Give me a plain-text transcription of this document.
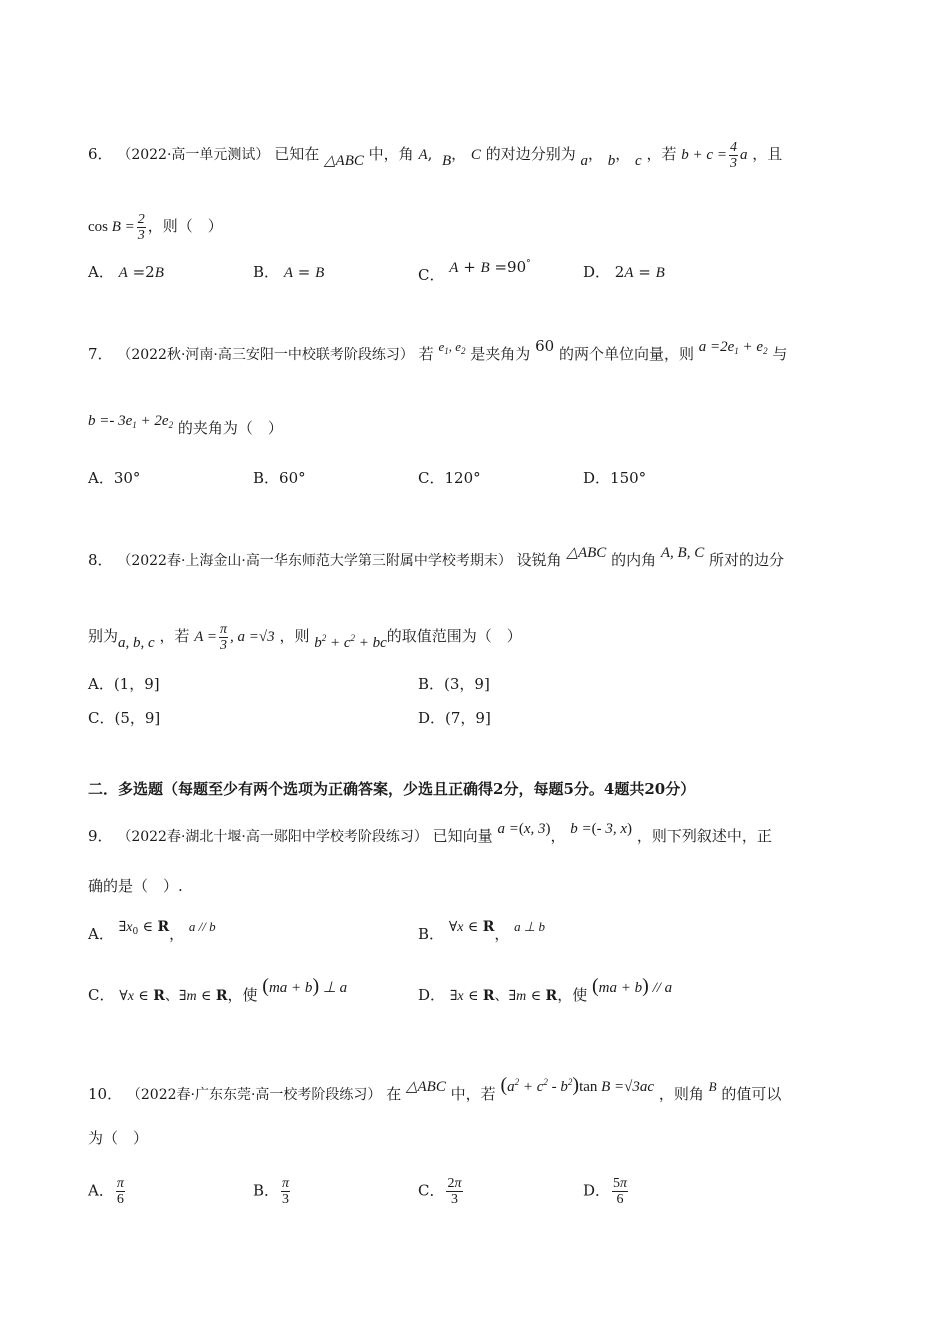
6． （2022·高一单元测试） 已知在 △ABC 中，角 A,  B， C 的对边分别为 a， b， c ，若 $b + c = \frac{4}{3}$ a ，且
$\cos B = \frac{2}{3}$ ，则（　）
A． A =2B	B． A = B	C． A + B =90°	D． 2A = B
7． （2022秋·河南·高三安阳一中校联考阶段练习） 若 $e_1$, $e_2$ 是夹角为 60 的两个单位向量，则 $a =2e_1 + e_2$ 与
$b =- 3e_1 + 2e_2$ 的夹角为（　）
A．30°	B．60°	C．120°	D．150°
8． （2022春·上海金山·高一华东师范大学第三附属中学校考期末） 设锐角 △ABC 的内角 A, B, C 所对的边分
别为a, b, c ，若 $A = \frac{\pi}{3}$ , a =√3 ，则 $b^2 + c^2$ + bc的取值范围为（　）
A．(1，9]	B．(3，9]
C．(5，9]	D．(7，9]
二．多选题（每题至少有两个选项为正确答案，少选且正确得2分，每题5分。4题共20分）
9． （2022春·湖北十堰·高一郧阳中学校考阶段练习） 已知向量 a =(x, 3)， b =(- 3, x) ，则下列叙述中，正
确的是（　）.
A． $\exists x_0$ ∈ R， a // b	B． ∀x ∈ R， a ⊥ b
C． ∀x ∈ R、∃m ∈ R，使 (ma + b) ⊥ a	D． ∃x ∈ R、∃m ∈ R，使 (ma + b) // a
10． （2022春·广东东莞·高一校考阶段练习） 在 △ABC 中，若 $(a^2 + c^2 - b^2)\tan$ B =√3ac ，则角 B 的值可以
为（　）
A． $\frac{\pi}{6}$	B． $\frac{\pi}{3}$	C． $\frac{2\pi}{3}$	D． $\frac{5\pi}{6}$
